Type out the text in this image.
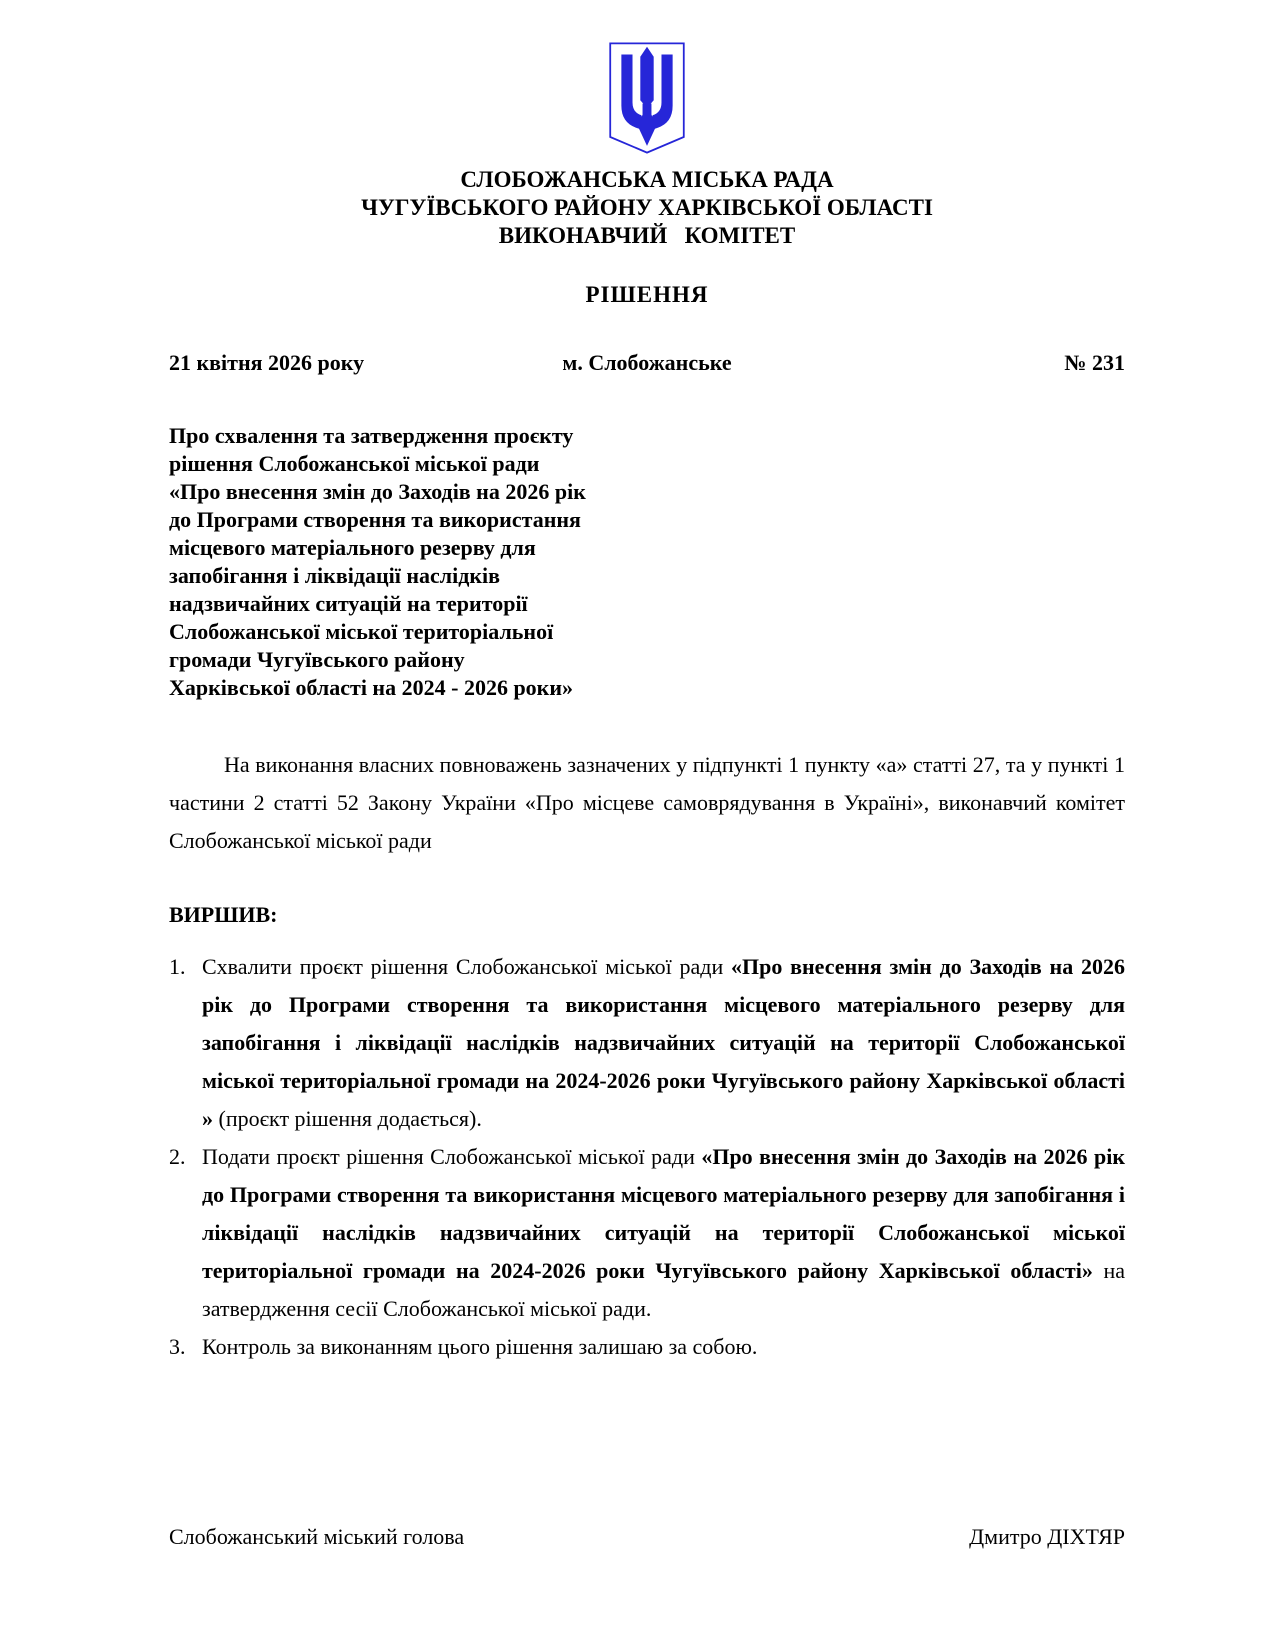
СЛОБОЖАНСЬКА МІСЬКА РАДА
ЧУГУЇВСЬКОГО РАЙОНУ ХАРКІВСЬКОЇ ОБЛАСТІ
ВИКОНАВЧИЙ   КОМІТЕТ
РІШЕННЯ
21 квітня 2026 року	м. Слобожанське	№ 231
Про схвалення та затвердження проєкту
рішення Слобожанської міської ради
«Про внесення змін до Заходів на 2026 рік
до Програми створення та використання
місцевого матеріального резерву для
запобігання і ліквідації наслідків
надзвичайних ситуацій на території
Слобожанської міської територіальної
громади Чугуївського району
Харківської області на 2024 - 2026 роки»
На виконання власних повноважень зазначених у підпункті 1 пункту «а» статті 27, та у пункті 1 частини 2 статті 52 Закону України «Про місцеве самоврядування в Україні», виконавчий комітет Слобожанської міської ради
ВИРШИВ:
1. Схвалити проєкт рішення Слобожанської міської ради «Про внесення змін до Заходів на 2026 рік до Програми створення та використання місцевого матеріального резерву для запобігання і ліквідації наслідків надзвичайних ситуацій на території Слобожанської міської територіальної громади на 2024-2026 роки Чугуївського району Харківської області » (проєкт рішення додається).
2. Подати проєкт рішення Слобожанської міської ради «Про внесення змін до Заходів на 2026 рік до Програми створення та використання місцевого матеріального резерву для запобігання і ліквідації наслідків надзвичайних ситуацій на території Слобожанської міської територіальної громади на 2024-2026 роки Чугуївського району Харківської області» на затвердження сесії Слобожанської міської ради.
3. Контроль за виконанням цього рішення залишаю за собою.
Слобожанський міський голова	Дмитро ДІХТЯР
